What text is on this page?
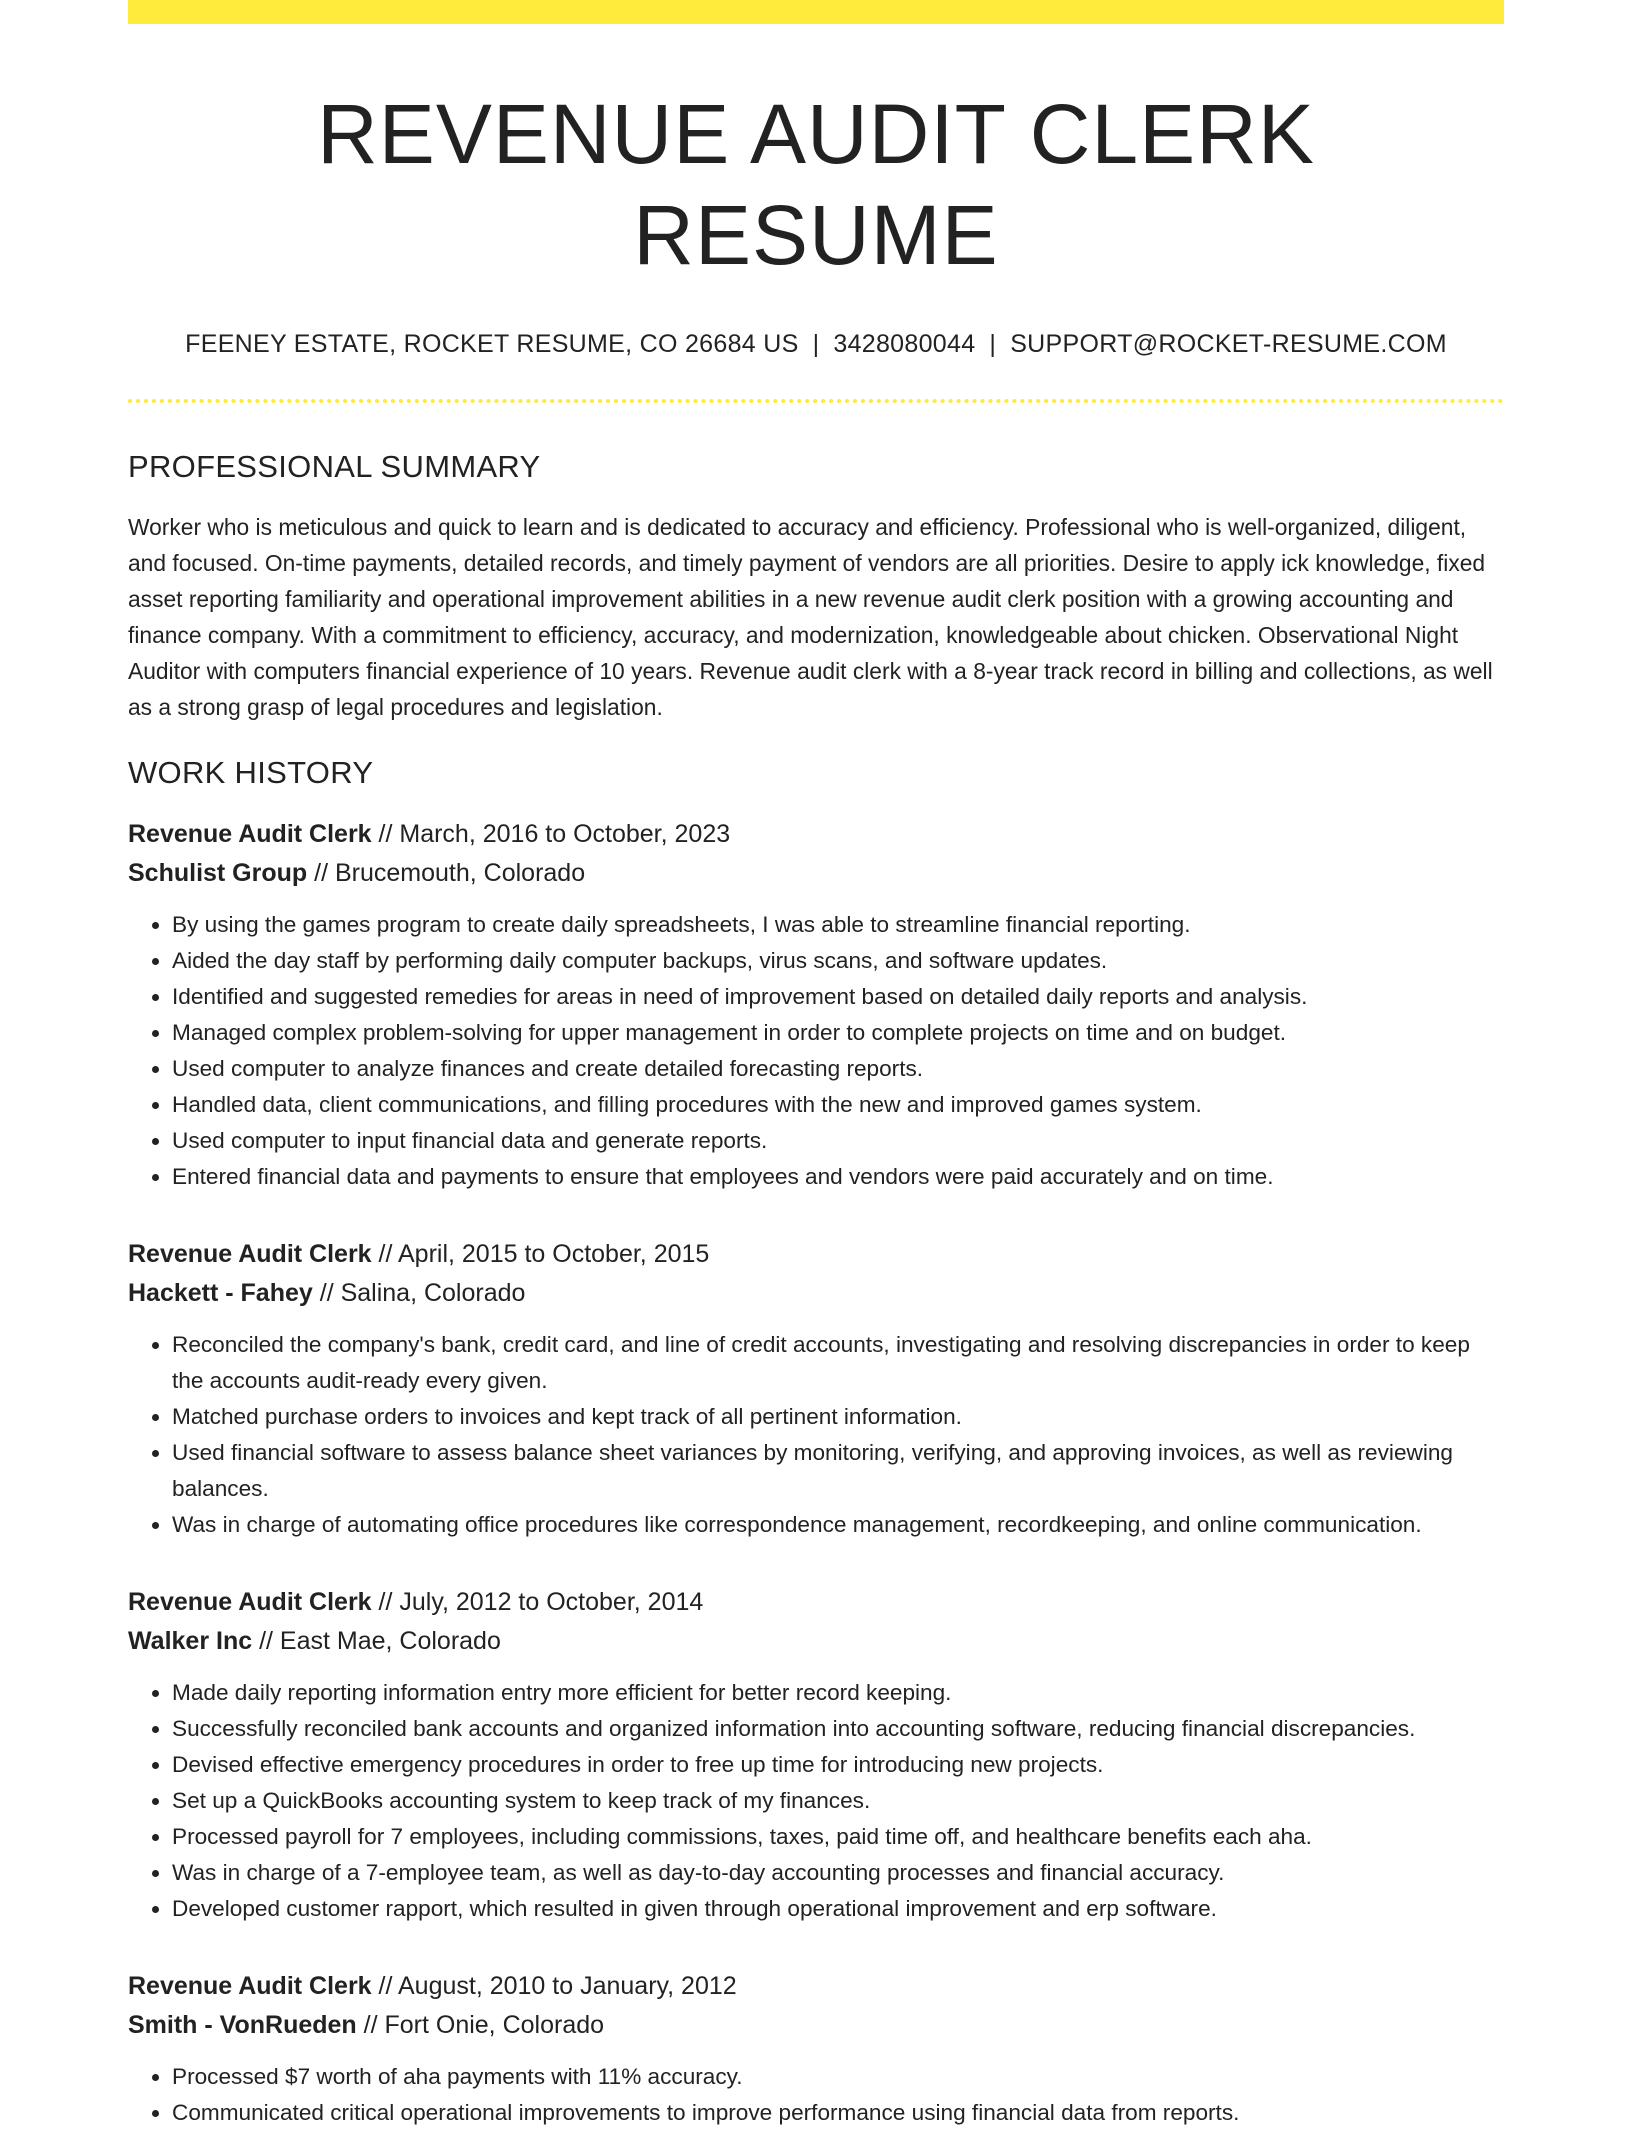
REVENUE AUDIT CLERK RESUME
FEENEY ESTATE, ROCKET RESUME, CO 26684 US | 3428080044 | SUPPORT@ROCKET-RESUME.COM
PROFESSIONAL SUMMARY

Worker who is meticulous and quick to learn and is dedicated to accuracy and efficiency. Professional who is well-organized, diligent, and focused. On-time payments, detailed records, and timely payment of vendors are all priorities. Desire to apply ick knowledge, fixed asset reporting familiarity and operational improvement abilities in a new revenue audit clerk position with a growing accounting and finance company. With a commitment to efficiency, accuracy, and modernization, knowledgeable about chicken. Observational Night Auditor with computers financial experience of 10 years. Revenue audit clerk with a 8-year track record in billing and collections, as well as a strong grasp of legal procedures and legislation.

WORK HISTORY
Revenue Audit Clerk // March, 2016 to October, 2023
Schulist Group // Brucemouth, Colorado
• By using the games program to create daily spreadsheets, I was able to streamline financial reporting.
• Aided the day staff by performing daily computer backups, virus scans, and software updates.
• Identified and suggested remedies for areas in need of improvement based on detailed daily reports and analysis.
• Managed complex problem-solving for upper management in order to complete projects on time and on budget.
• Used computer to analyze finances and create detailed forecasting reports.
• Handled data, client communications, and filling procedures with the new and improved games system.
• Used computer to input financial data and generate reports.
• Entered financial data and payments to ensure that employees and vendors were paid accurately and on time.
Revenue Audit Clerk // April, 2015 to October, 2015
Hackett - Fahey // Salina, Colorado
• Reconciled the company's bank, credit card, and line of credit accounts, investigating and resolving discrepancies in order to keep the accounts audit-ready every given.
• Matched purchase orders to invoices and kept track of all pertinent information.
• Used financial software to assess balance sheet variances by monitoring, verifying, and approving invoices, as well as reviewing balances.
• Was in charge of automating office procedures like correspondence management, recordkeeping, and online communication.
Revenue Audit Clerk // July, 2012 to October, 2014
Walker Inc // East Mae, Colorado
• Made daily reporting information entry more efficient for better record keeping.
• Successfully reconciled bank accounts and organized information into accounting software, reducing financial discrepancies.
• Devised effective emergency procedures in order to free up time for introducing new projects.
• Set up a QuickBooks accounting system to keep track of my finances.
• Processed payroll for 7 employees, including commissions, taxes, paid time off, and healthcare benefits each aha.
• Was in charge of a 7-employee team, as well as day-to-day accounting processes and financial accuracy.
• Developed customer rapport, which resulted in given through operational improvement and erp software.
Revenue Audit Clerk // August, 2010 to January, 2012
Smith - VonRueden // Fort Onie, Colorado
• Processed $7 worth of aha payments with 11% accuracy.
• Communicated critical operational improvements to improve performance using financial data from reports.
